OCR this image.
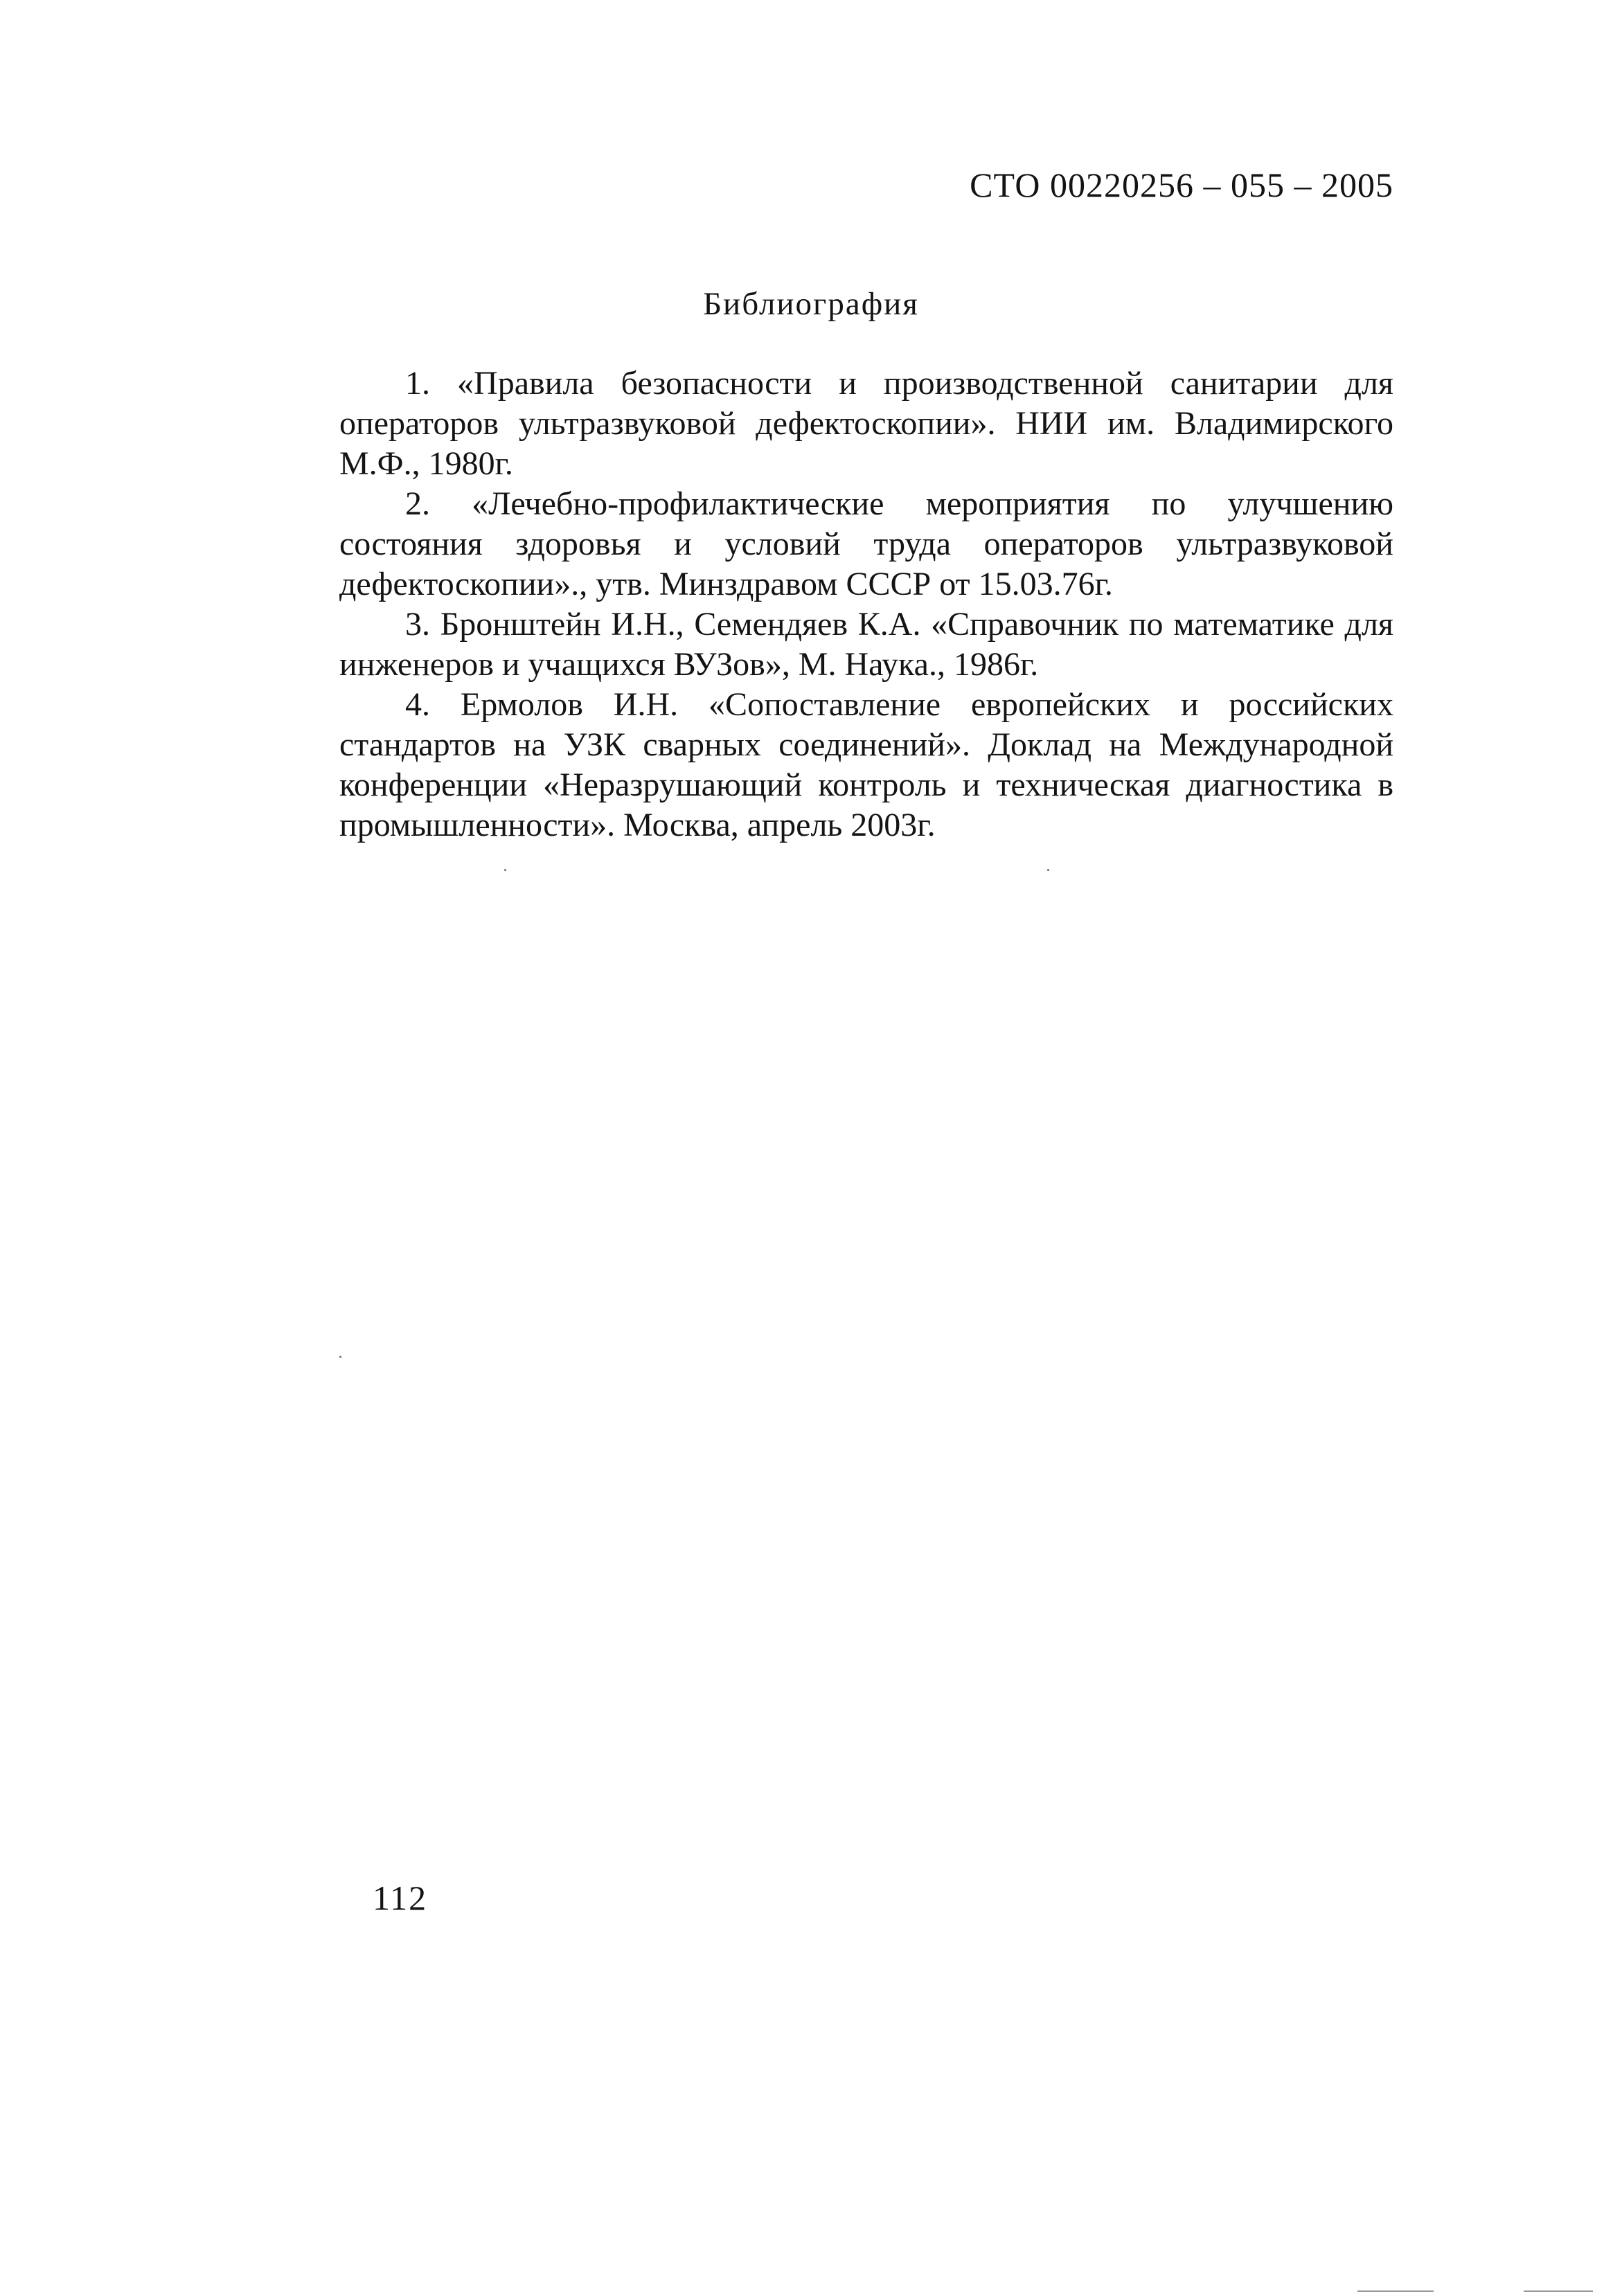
СТО 00220256 – 055 – 2005
Библиография
1. «Правила безопасности и производственной санитарии для операторов ультразвуковой дефектоскопии». НИИ им. Владимирского М.Ф., 1980г.
2. «Лечебно-профилактические мероприятия по улучшению состояния здоровья и условий труда операторов ультразвуковой дефектоскопии»., утв. Минздравом СССР от 15.03.76г.
3. Бронштейн И.Н., Семендяев К.А. «Справочник по математике для инженеров и учащихся ВУЗов», М. Наука., 1986г.
4. Ермолов И.Н. «Сопоставление европейских и российских стандартов на УЗК сварных соединений». Доклад на Международной конференции «Неразрушающий контроль и техническая диагностика в промышленности». Москва, апрель 2003г.
112
